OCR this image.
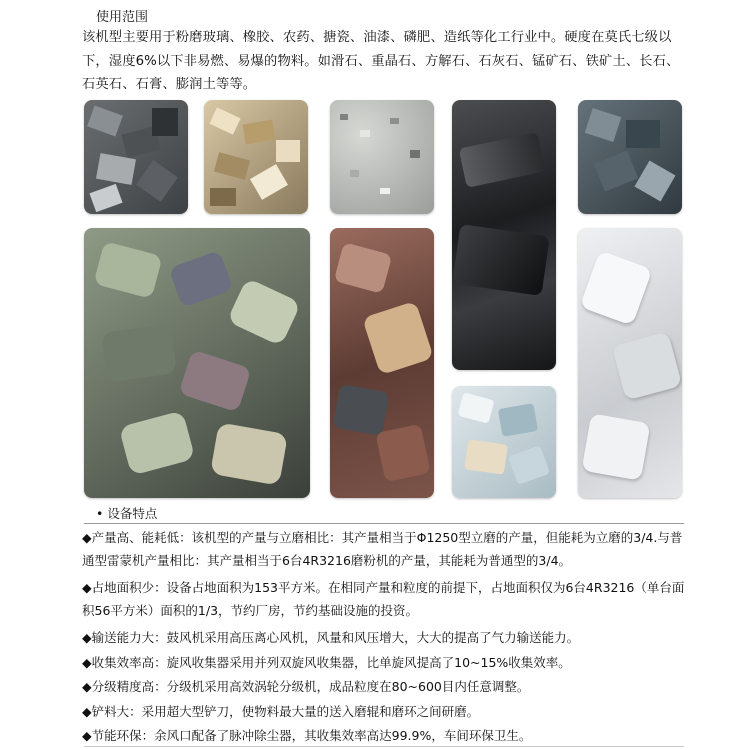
使用范围
该机型主要用于粉磨玻璃、橡胶、农药、搪瓷、油漆、磷肥、造纸等化工行业中。硬度在莫氏七级以下，湿度6%以下非易燃、易爆的物料。如滑石、重晶石、方解石、石灰石、锰矿石、铁矿土、长石、石英石、石膏、膨润土等等。
• 设备特点
◆产量高、能耗低：该机型的产量与立磨相比：其产量相当于Φ1250型立磨的产量，但能耗为立磨的3/4.与普通型雷蒙机产量相比：其产量相当于6台4R3216磨粉机的产量，其能耗为普通型的3/4。
◆占地面积少：设备占地面积为153平方米。在相同产量和粒度的前提下，占地面积仅为6台4R3216（单台面积56平方米）面积的1/3，节约厂房，节约基础设施的投资。
◆输送能力大：鼓风机采用高压离心风机，风量和风压增大，大大的提高了气力输送能力。
◆收集效率高：旋风收集器采用并列双旋风收集器，比单旋风提高了10~15%收集效率。
◆分级精度高：分级机采用高效涡轮分级机，成品粒度在80~600目内任意调整。
◆铲料大：采用超大型铲刀，使物料最大量的送入磨辊和磨环之间研磨。
◆节能环保：余风口配备了脉冲除尘器，其收集效率高达99.9%，车间环保卫生。
